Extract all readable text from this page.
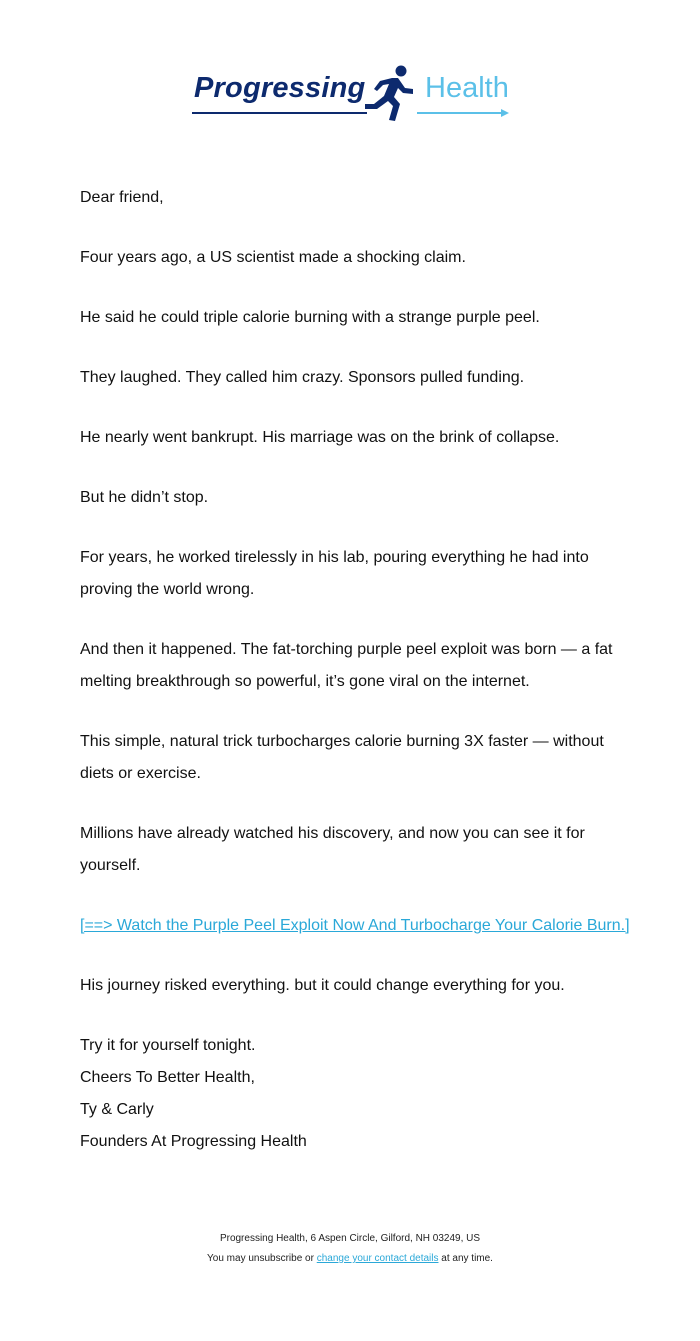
Progressing Health

Dear friend,

Four years ago, a US scientist made a shocking claim.

He said he could triple calorie burning with a strange purple peel.

They laughed. They called him crazy. Sponsors pulled funding.

He nearly went bankrupt. His marriage was on the brink of collapse.

But he didn’t stop.

For years, he worked tirelessly in his lab, pouring everything he had into proving the world wrong.

And then it happened. The fat-torching purple peel exploit was born — a fat melting breakthrough so powerful, it’s gone viral on the internet.

This simple, natural trick turbocharges calorie burning 3X faster — without diets or exercise.

Millions have already watched his discovery, and now you can see it for yourself.

[==> Watch the Purple Peel Exploit Now And Turbocharge Your Calorie Burn.]

His journey risked everything. but it could change everything for you.

Try it for yourself tonight.

Cheers To Better Health,

Ty & Carly

Founders At Progressing Health

Progressing Health, 6 Aspen Circle, Gilford, NH 03249, US
You may unsubscribe or change your contact details at any time.
